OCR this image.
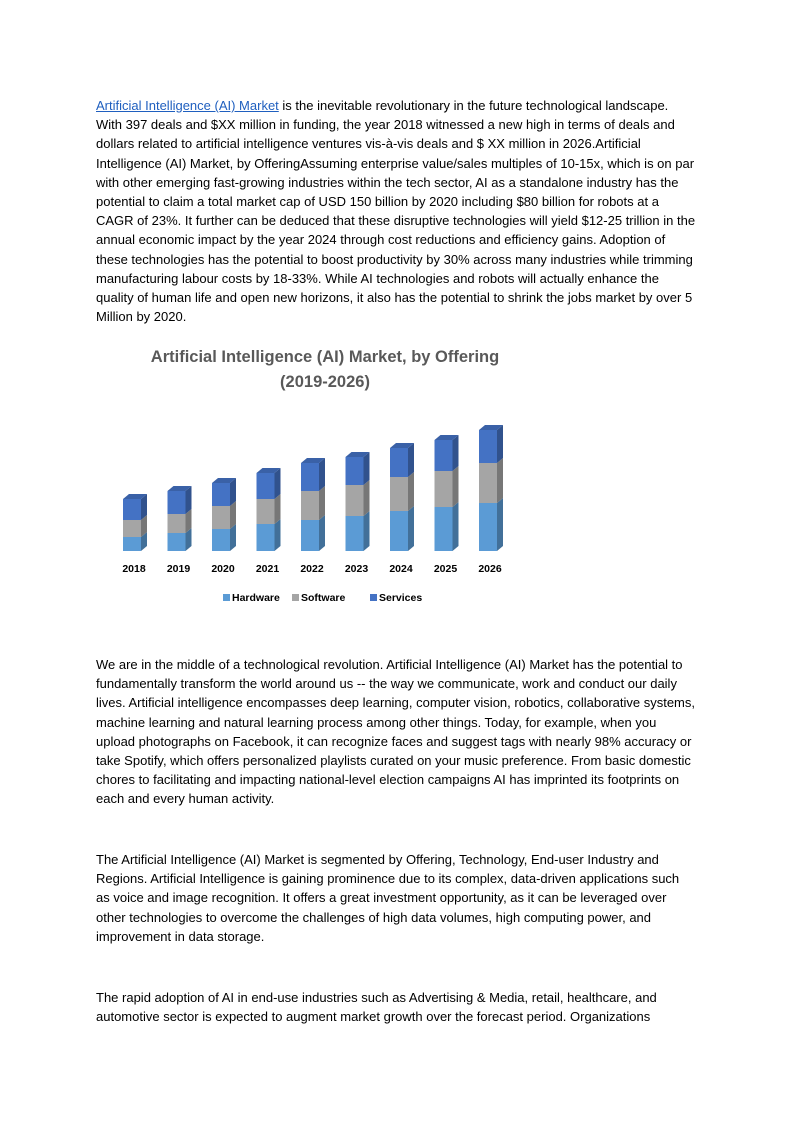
Artificial Intelligence (AI) Market is the inevitable revolutionary in the future technological landscape. With 397 deals and $XX million in funding, the year 2018 witnessed a new high in terms of deals and dollars related to artificial intelligence ventures vis-à-vis deals and $ XX million in 2026.Artificial Intelligence (AI) Market, by OfferingAssuming enterprise value/sales multiples of 10-15x, which is on par with other emerging fast-growing industries within the tech sector, AI as a standalone industry has the potential to claim a total market cap of USD 150 billion by 2020 including $80 billion for robots at a CAGR of 23%. It further can be deduced that these disruptive technologies will yield $12-25 trillion in the annual economic impact by the year 2024 through cost reductions and efficiency gains. Adoption of these technologies has the potential to boost productivity by 30% across many industries while trimming manufacturing labour costs by 18-33%. While AI technologies and robots will actually enhance the quality of human life and open new horizons, it also has the potential to shrink the jobs market by over 5 Million by 2020.

Artificial Intelligence (AI) Market, by Offering
(2019-2026)
2018 2019 2020 2021 2022 2023 2024 2025 2026
Hardware Software	Services

We are in the middle of a technological revolution. Artificial Intelligence (AI) Market has the potential to fundamentally transform the world around us -- the way we communicate, work and conduct our daily lives. Artificial intelligence encompasses deep learning, computer vision, robotics, collaborative systems, machine learning and natural learning process among other things. Today, for example, when you upload photographs on Facebook, it can recognize faces and suggest tags with nearly 98% accuracy or take Spotify, which offers personalized playlists curated on your music preference. From basic domestic chores to facilitating and impacting national-level election campaigns AI has imprinted its footprints on each and every human activity.

The Artificial Intelligence (AI) Market is segmented by Offering, Technology, End-user Industry and Regions. Artificial Intelligence is gaining prominence due to its complex, data-driven applications such as voice and image recognition. It offers a great investment opportunity, as it can be leveraged over other technologies to overcome the challenges of high data volumes, high computing power, and improvement in data storage.

The rapid adoption of AI in end-use industries such as Advertising & Media, retail, healthcare, and automotive sector is expected to augment market growth over the forecast period. Organizations
